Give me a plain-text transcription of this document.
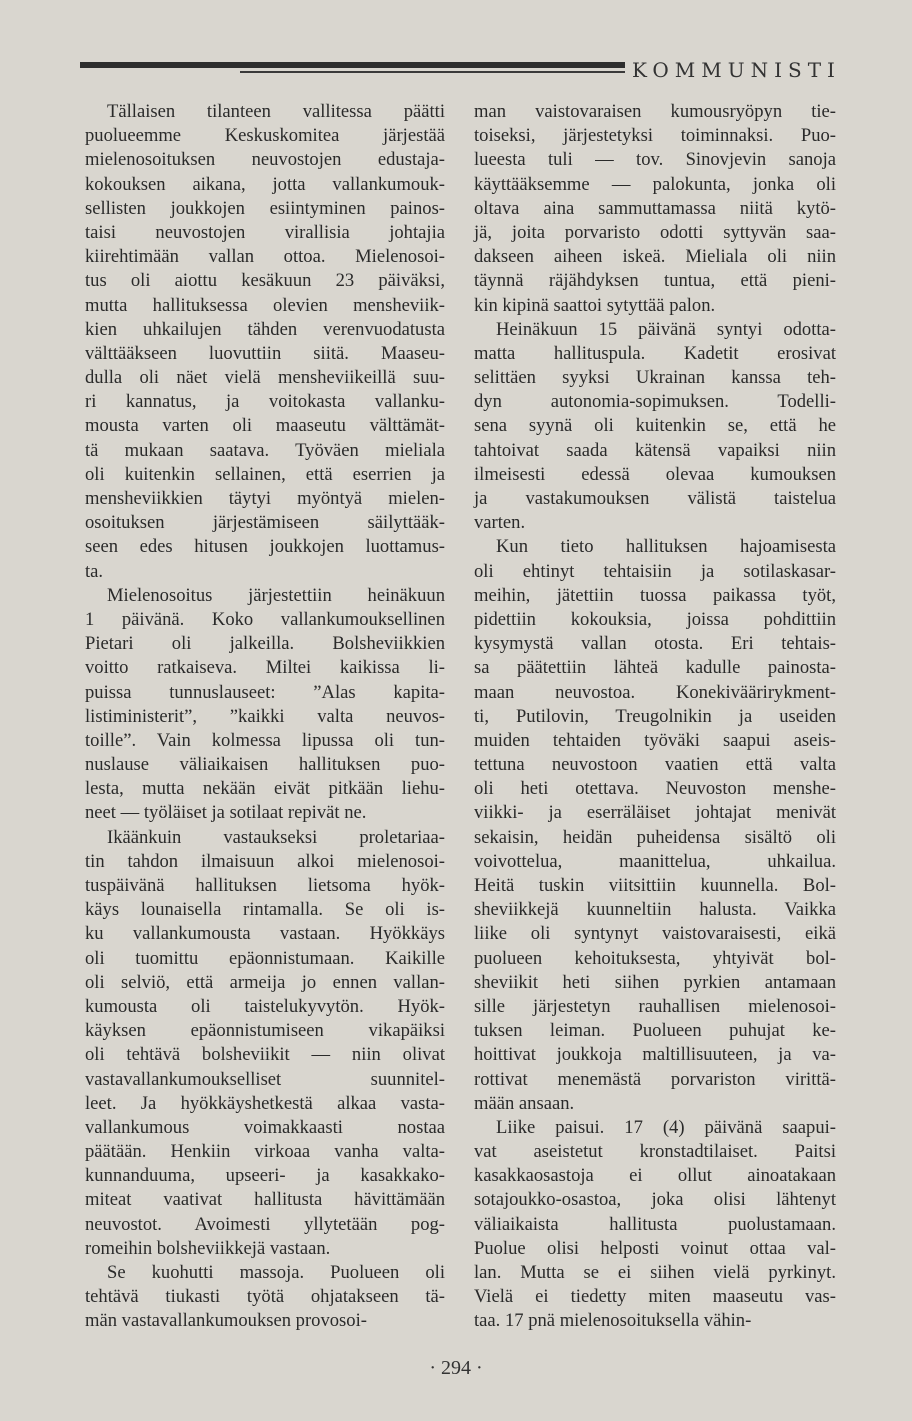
KOMMUNISTI
Tällaisen tilanteen vallitessa päätti
puolueemme Keskuskomitea järjestää
mielenosoituksen neuvostojen edustaja-
kokouksen aikana, jotta vallankumouk-
sellisten joukkojen esiintyminen painos-
taisi neuvostojen virallisia johtajia
kiirehtimään vallan ottoa. Mielenosoi-
tus oli aiottu kesäkuun 23 päiväksi,
mutta hallituksessa olevien mensheviik-
kien uhkailujen tähden verenvuodatusta
välttääkseen luovuttiin siitä. Maaseu-
dulla oli näet vielä mensheviikeillä suu-
ri kannatus, ja voitokasta vallanku-
mousta varten oli maaseutu välttämät-
tä mukaan saatava. Työväen mieliala
oli kuitenkin sellainen, että eserrien ja
mensheviikkien täytyi myöntyä mielen-
osoituksen järjestämiseen säilyttääk-
seen edes hitusen joukkojen luottamus-
ta.
Mielenosoitus järjestettiin heinäkuun
1 päivänä. Koko vallankumouksellinen
Pietari oli jalkeilla. Bolsheviikkien
voitto ratkaiseva. Miltei kaikissa li-
puissa tunnuslauseet: ”Alas kapita-
listiministerit”, ”kaikki valta neuvos-
toille”. Vain kolmessa lipussa oli tun-
nuslause väliaikaisen hallituksen puo-
lesta, mutta nekään eivät pitkään liehu-
neet — työläiset ja sotilaat repivät ne.
Ikäänkuin vastaukseksi proletariaa-
tin tahdon ilmaisuun alkoi mielenosoi-
tuspäivänä hallituksen lietsoma hyök-
käys lounaisella rintamalla. Se oli is-
ku vallankumousta vastaan. Hyökkäys
oli tuomittu epäonnistumaan. Kaikille
oli selviö, että armeija jo ennen vallan-
kumousta oli taistelukyvytön. Hyök-
käyksen epäonnistumiseen vikapäiksi
oli tehtävä bolsheviikit — niin olivat
vastavallankumoukselliset suunnitel-
leet. Ja hyökkäyshetkestä alkaa vasta-
vallankumous voimakkaasti nostaa
päätään. Henkiin virkoaa vanha valta-
kunnanduuma, upseeri- ja kasakkako-
miteat vaativat hallitusta hävittämään
neuvostot. Avoimesti yllytetään pog-
romeihin bolsheviikkejä vastaan.
Se kuohutti massoja. Puolueen oli
tehtävä tiukasti työtä ohjatakseen tä-
män vastavallankumouksen provosoi-
man vaistovaraisen kumousryöpyn tie-
toiseksi, järjestetyksi toiminnaksi. Puo-
lueesta tuli — tov. Sinovjevin sanoja
käyttääksemme — palokunta, jonka oli
oltava aina sammuttamassa niitä kytö-
jä, joita porvaristo odotti syttyvän saa-
dakseen aiheen iskeä. Mieliala oli niin
täynnä räjähdyksen tuntua, että pieni-
kin kipinä saattoi sytyttää palon.
Heinäkuun 15 päivänä syntyi odotta-
matta hallituspula. Kadetit erosivat
selittäen syyksi Ukrainan kanssa teh-
dyn autonomia-sopimuksen. Todelli-
sena syynä oli kuitenkin se, että he
tahtoivat saada kätensä vapaiksi niin
ilmeisesti edessä olevaa kumouksen
ja vastakumouksen välistä taistelua
varten.
Kun tieto hallituksen hajoamisesta
oli ehtinyt tehtaisiin ja sotilaskasar-
meihin, jätettiin tuossa paikassa työt,
pidettiin kokouksia, joissa pohdittiin
kysymystä vallan otosta. Eri tehtais-
sa päätettiin lähteä kadulle painosta-
maan neuvostoa. Konekiväärirykment-
ti, Putilovin, Treugolnikin ja useiden
muiden tehtaiden työväki saapui aseis-
tettuna neuvostoon vaatien että valta
oli heti otettava. Neuvoston menshe-
viikki- ja eserräläiset johtajat menivät
sekaisin, heidän puheidensa sisältö oli
voivottelua, maanittelua, uhkailua.
Heitä tuskin viitsittiin kuunnella. Bol-
sheviikkejä kuunneltiin halusta. Vaikka
liike oli syntynyt vaistovaraisesti, eikä
puolueen kehoituksesta, yhtyivät bol-
sheviikit heti siihen pyrkien antamaan
sille järjestetyn rauhallisen mielenosoi-
tuksen leiman. Puolueen puhujat ke-
hoittivat joukkoja maltillisuuteen, ja va-
rottivat menemästä porvariston virittä-
mään ansaan.
Liike paisui. 17 (4) päivänä saapui-
vat aseistetut kronstadtilaiset. Paitsi
kasakkaosastoja ei ollut ainoatakaan
sotajoukko-osastoa, joka olisi lähtenyt
väliaikaista hallitusta puolustamaan.
Puolue olisi helposti voinut ottaa val-
lan. Mutta se ei siihen vielä pyrkinyt.
Vielä ei tiedetty miten maaseutu vas-
taa. 17 pnä mielenosoituksella vähin-
· 294 ·
